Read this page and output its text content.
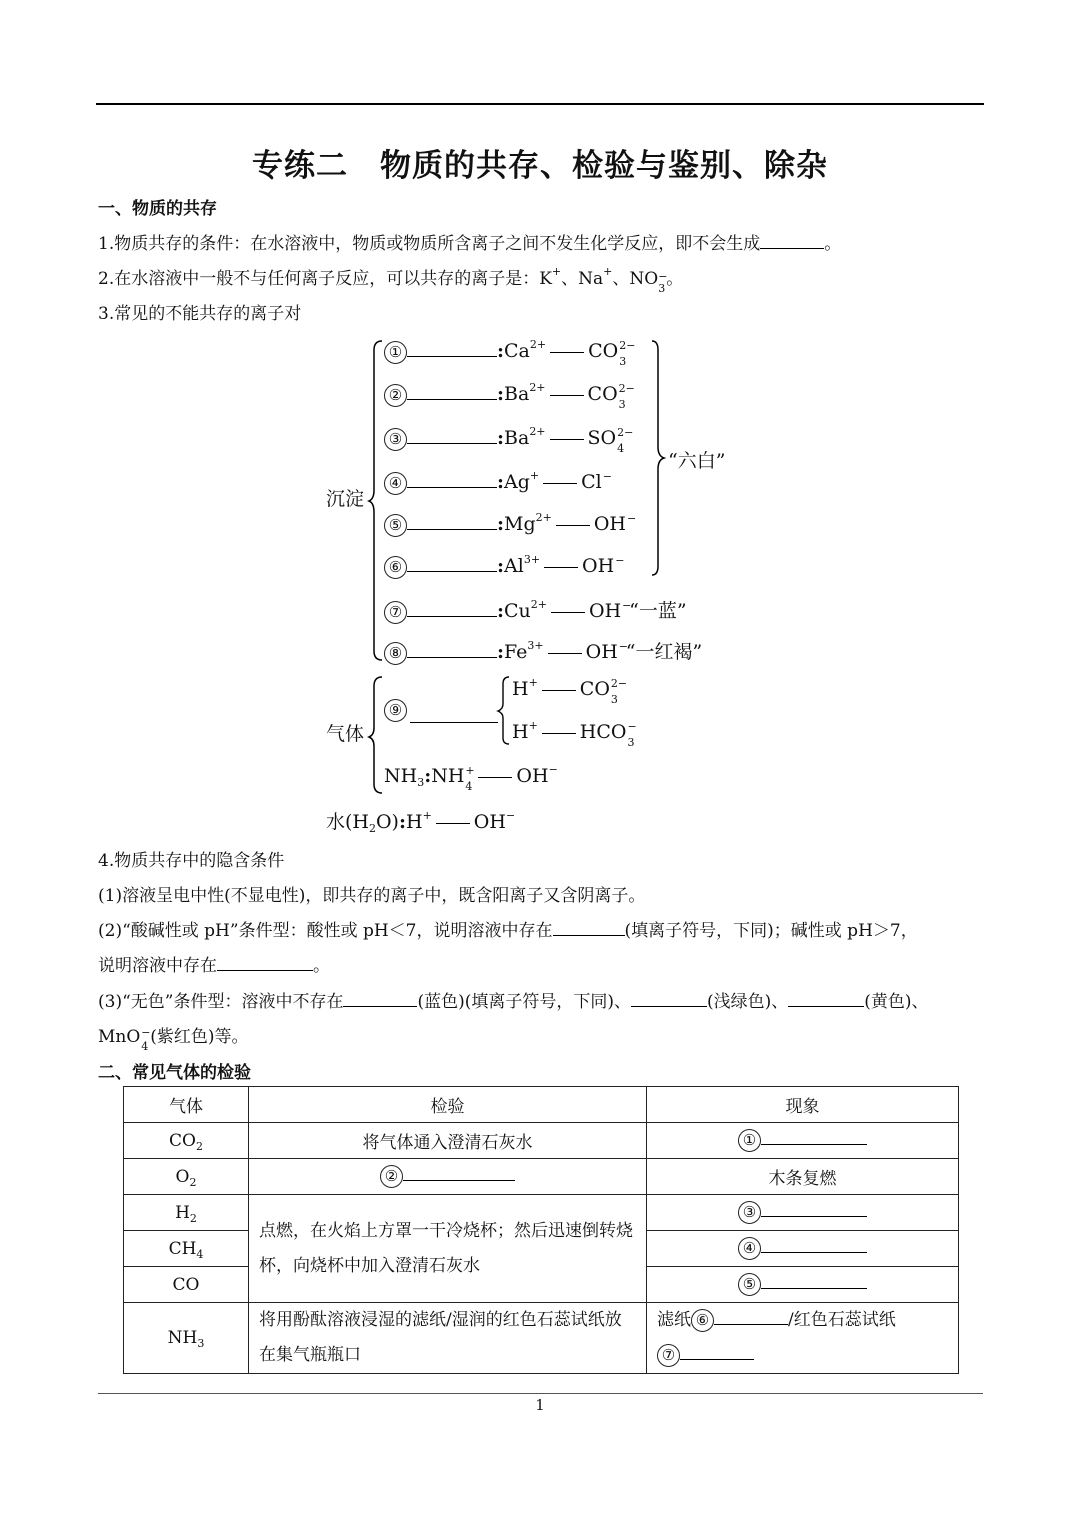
专练二　物质的共存、检验与鉴别、除杂
一、物质的共存
1.物质共存的条件：在水溶液中，物质或物质所含离子之间不发生化学反应，即不会生成	。
2.在水溶液中一般不与任何离子反应，可以共存的离子是：K+、Na+、NO 3
−
。
3.常见的不能共存的离子对
沉淀
①	$:Ca^{2+}$ CO 3
2−
②	$:Ba^{2+}$ CO 3
2−
③	$:Ba^{2+}$ SO 4
2−
④	:Ag+ Cl −
⑤	$:Mg^{2+}$ OH −
⑥	$:Al^{3+}$ OH −
⑦	$:Cu^{2+}$ OH −
“一蓝”
⑧	$:Fe^{3+}$ OH −
“一红褐”
“六白”
气体
⑨
H+ CO 3
2−
H+ HCO 3
−
$NH_3:NH$ 4
+ OH−
水$(H_2O):H^+$ OH−
4.物质共存中的隐含条件
(1)溶液呈电中性(不显电性)，即共存的离子中，既含阳离子又含阴离子。
(2)“酸碱性或 pH”条件型：酸性或 pH＜7，说明溶液中存在	(填离子符号，下同)；碱性或 pH＞7，
说明溶液中存在	。
(3)“无色”条件型：溶液中不存在	(蓝色)(填离子符号，下同)、	(浅绿色)、	(黄色)、
MnO 4
− (紫红色)等。
二、常见气体的检验
气体	检验	现象
$CO_2$	将气体通入澄清石灰水	①
$O_2$	②	木条复燃
$H_2$	点燃，在火焰上方罩一干冷烧杯；然后迅速倒转烧杯，向烧杯中加入澄清石灰水	③
$CH_4$		④
CO		⑤
$NH_3$	将用酚酞溶液浸湿的滤纸/湿润的红色石蕊试纸放在集气瓶瓶口	滤纸 ⑥ /红色石蕊试纸
⑦
1
